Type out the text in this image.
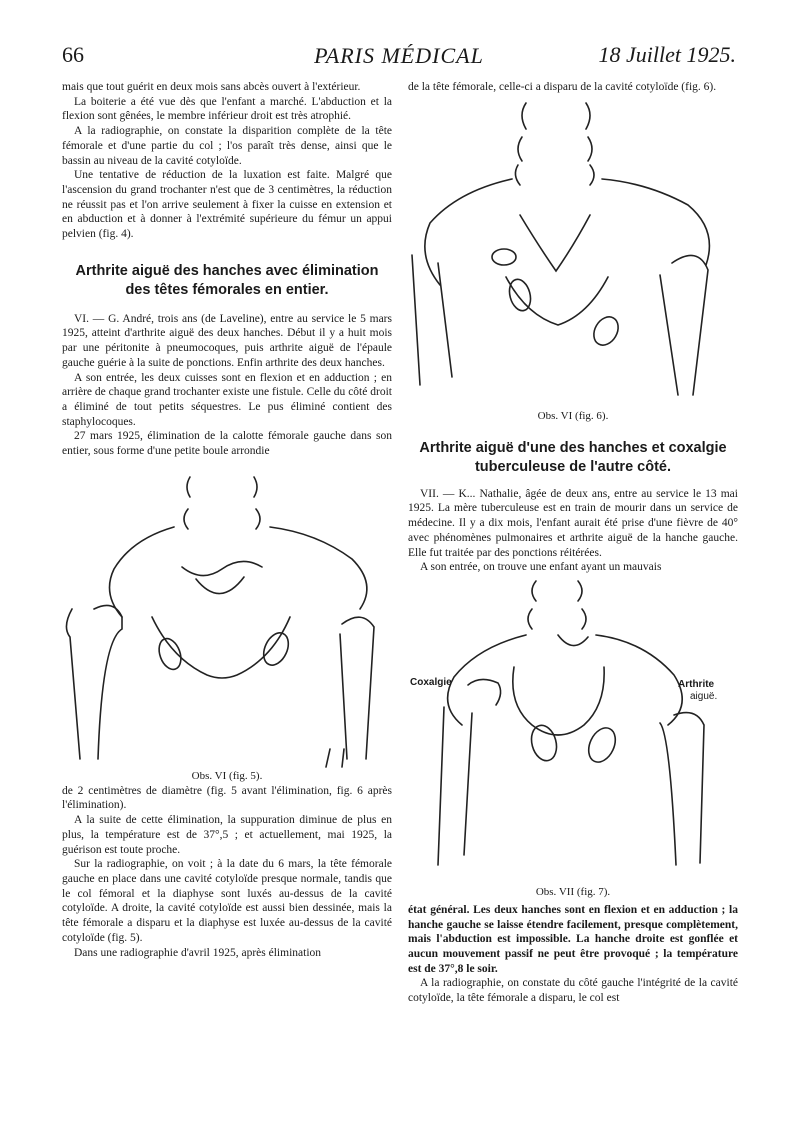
66	PARIS MÉDICAL	18 Juillet 1925.

mais que tout guérit en deux mois sans abcès ouvert à l'extérieur.

La boiterie a été vue dès que l'enfant a marché. L'abduction et la flexion sont gênées, le membre inférieur droit est très atrophié.

A la radiographie, on constate la disparition complète de la tête fémorale et d'une partie du col ; l'os paraît très dense, ainsi que le bassin au niveau de la cavité cotyloïde.

Une tentative de réduction de la luxation est faite. Malgré que l'ascension du grand trochanter n'est que de 3 centimètres, la réduction ne réussit pas et l'on arrive seulement à fixer la cuisse en extension et en abduction et à donner à l'extrémité supérieure du fémur un appui pelvien (fig. 4).

Arthrite aiguë des hanches avec élimination des têtes fémorales en entier.

VI. — G. André, trois ans (de Laveline), entre au service le 5 mars 1925, atteint d'arthrite aiguë des deux hanches. Début il y a huit mois par une péritonite à pneumocoques, puis arthrite aiguë de l'épaule gauche guérie à la suite de ponctions. Enfin arthrite des deux hanches.

A son entrée, les deux cuisses sont en flexion et en adduction ; en arrière de chaque grand trochanter existe une fistule. Celle du côté droit a éliminé de tout petits séquestres. Le pus éliminé contient des staphylocoques.

27 mars 1925, élimination de la calotte fémorale gauche dans son entier, sous forme d'une petite boule arrondie

Obs. VI (fig. 5).

de 2 centimètres de diamètre (fig. 5 avant l'élimination, fig. 6 après l'élimination).

A la suite de cette élimination, la suppuration diminue de plus en plus, la température est de 37°,5 ; et actuellement, mai 1925, la guérison est toute proche.

Sur la radiographie, on voit ; à la date du 6 mars, la tête fémorale gauche en place dans une cavité cotyloïde presque normale, tandis que le col fémoral et la diaphyse sont luxés au-dessus de la cavité cotyloïde. A droite, la cavité cotyloïde est aussi bien dessinée, mais la tête fémorale a disparu et la diaphyse est luxée au-dessus de la cavité cotyloïde (fig. 5).

Dans une radiographie d'avril 1925, après élimination

de la tête fémorale, celle-ci a disparu de la cavité cotyloïde (fig. 6).

Obs. VI (fig. 6).
Arthrite aiguë d'une des hanches et coxalgie tuberculeuse de l'autre côté.

VII. — K... Nathalie, âgée de deux ans, entre au service le 13 mai 1925. La mère tuberculeuse est en train de mourir dans un service de médecine. Il y a dix mois, l'enfant aurait été prise d'une fièvre de 40° avec phénomènes pulmonaires et arthrite aiguë de la hanche gauche. Elle fut traitée par des ponctions réitérées.

A son entrée, on trouve une enfant ayant un mauvais

Coxalgie	Arthrite
aiguë.
Obs. VII (fig. 7).

état général. Les deux hanches sont en flexion et en adduction ; la hanche gauche se laisse étendre facilement, presque complètement, mais l'abduction est impossible. La hanche droite est gonflée et aucun mouvement passif ne peut être provoqué ; la température est de 37°,8 le soir.

A la radiographie, on constate du côté gauche l'intégrité de la cavité cotyloïde, la tête fémorale a disparu, le col est
